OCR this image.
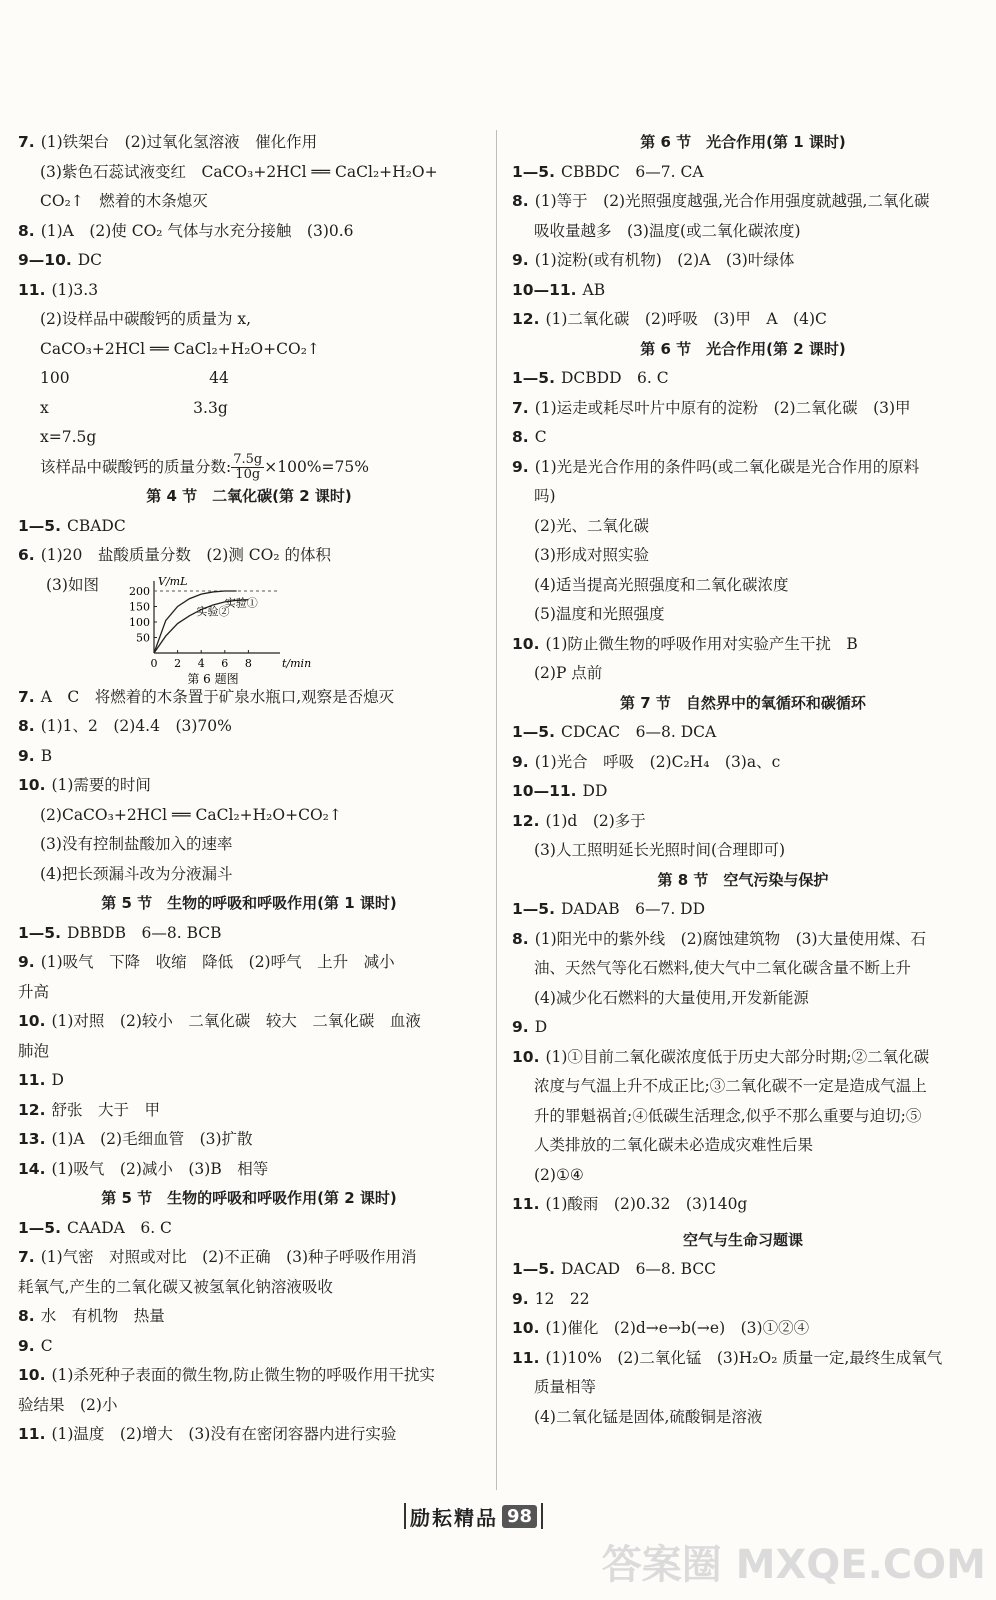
7. (1)铁架台　(2)过氧化氢溶液　催化作用
(3)紫色石蕊试液变红　CaCO₃+2HCl ══ CaCl₂+H₂O+
CO₂↑　燃着的木条熄灭
8. (1)A　(2)使 CO₂ 气体与水充分接触　(3)0.6
9—10. DC
11. (1)3.3
(2)设样品中碳酸钙的质量为 x,
CaCO₃+2HCl ══ CaCl₂+H₂O+CO₂↑
100　　　　　　　　　44
x　　　　　　　　　 3.3g
x=7.5g
该样品中碳酸钙的质量分数: $\frac{7.5g}{10g} \times 100\%=75\%$
第 4 节　二氧化碳(第 2 课时)
1—5. CBADC
6. (1)20　盐酸质量分数　(2)测 CO₂ 的体积
(3)如图
50
100
150
200
0 2 4 6 8	t/min
V/mL
实验①
实验②
第 6 题图
7. A　C　将燃着的木条置于矿泉水瓶口,观察是否熄灭
8. (1)1、2　(2)4.4　(3)70%
9. B
10. (1)需要的时间
(2)CaCO₃+2HCl ══ CaCl₂+H₂O+CO₂↑
(3)没有控制盐酸加入的速率
(4)把长颈漏斗改为分液漏斗
第 5 节　生物的呼吸和呼吸作用(第 1 课时)
1—5. DBBDB　6—8. BCB
9. (1)吸气　下降　收缩　降低　(2)呼气　上升　减小
升高
10. (1)对照　(2)较小　二氧化碳　较大　二氧化碳　血液
肺泡
11. D
12. 舒张　大于　甲
13. (1)A　(2)毛细血管　(3)扩散
14. (1)吸气　(2)减小　(3)B　相等
第 5 节　生物的呼吸和呼吸作用(第 2 课时)
1—5. CAADA　6. C
7. (1)气密　对照或对比　(2)不正确　(3)种子呼吸作用消
耗氧气,产生的二氧化碳又被氢氧化钠溶液吸收
8. 水　有机物　热量
9. C
10. (1)杀死种子表面的微生物,防止微生物的呼吸作用干扰实
验结果　(2)小
11. (1)温度　(2)增大　(3)没有在密闭容器内进行实验
第 6 节　光合作用(第 1 课时)
1—5. CBBDC　6—7. CA
8. (1)等于　(2)光照强度越强,光合作用强度就越强,二氧化碳
吸收量越多　(3)温度(或二氧化碳浓度)
9. (1)淀粉(或有机物)　(2)A　(3)叶绿体
10—11. AB
12. (1)二氧化碳　(2)呼吸　(3)甲　A　(4)C
第 6 节　光合作用(第 2 课时)
1—5. DCBDD　6. C
7. (1)运走或耗尽叶片中原有的淀粉　(2)二氧化碳　(3)甲
8. C
9. (1)光是光合作用的条件吗(或二氧化碳是光合作用的原料
吗)
(2)光、二氧化碳
(3)形成对照实验
(4)适当提高光照强度和二氧化碳浓度
(5)温度和光照强度
10. (1)防止微生物的呼吸作用对实验产生干扰　B
(2)P 点前
第 7 节　自然界中的氧循环和碳循环
1—5. CDCAC　6—8. DCA
9. (1)光合　呼吸　(2)C₂H₄　(3)a、c
10—11. DD
12. (1)d　(2)多于
(3)人工照明延长光照时间(合理即可)
第 8 节　空气污染与保护
1—5. DADAB　6—7. DD
8. (1)阳光中的紫外线　(2)腐蚀建筑物　(3)大量使用煤、石
油、天然气等化石燃料,使大气中二氧化碳含量不断上升
(4)减少化石燃料的大量使用,开发新能源
9. D
10. (1)①目前二氧化碳浓度低于历史大部分时期;②二氧化碳
浓度与气温上升不成正比;③二氧化碳不一定是造成气温上
升的罪魁祸首;④低碳生活理念,似乎不那么重要与迫切;⑤
人类排放的二氧化碳未必造成灾难性后果
(2)①④
11. (1)酸雨　(2)0.32　(3)140g
空气与生命习题课
1—5. DACAD　6—8. BCC
9. 12　22
10. (1)催化　(2)d→e→b(→e)　(3)①②④
11. (1)10%　(2)二氧化锰　(3)H₂O₂ 质量一定,最终生成氧气
质量相等
(4)二氧化锰是固体,硫酸铜是溶液
励耘精品 98
答案圈 MXQE.COM
